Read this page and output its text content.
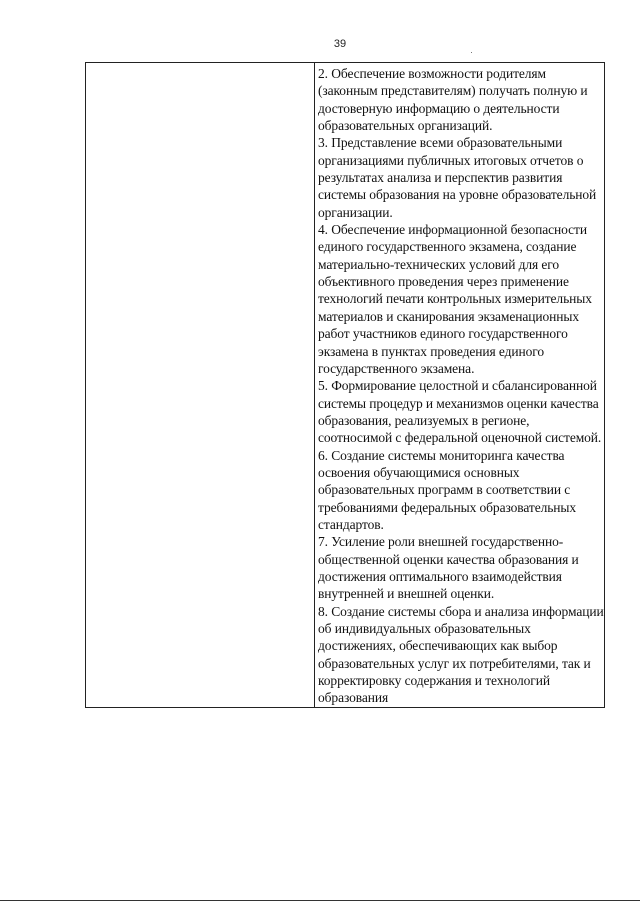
39

2. Обеспечение возможности родителям (законным представителям) получать полную и достоверную информацию о деятельности образовательных организаций.
3. Представление всеми образовательными организациями публичных итоговых отчетов о результатах анализа и перспектив развития системы образования на уровне образовательной организации.
4. Обеспечение информационной безопасности единого государственного экзамена, создание материально-технических условий для его объективного проведения через применение технологий печати контрольных измерительных материалов и сканирования экзаменационных работ участников единого государственного экзамена в пунктах проведения единого государственного экзамена.
5. Формирование целостной и сбалансированной системы процедур и механизмов оценки качества образования, реализуемых в регионе, соотносимой с федеральной оценочной системой.
6. Создание системы мониторинга качества освоения обучающимися основных образовательных программ в соответствии с требованиями федеральных образовательных стандартов.
7. Усиление роли внешней государственно-общественной оценки качества образования и достижения оптимального взаимодействия внутренней и внешней оценки.
8. Создание системы сбора и анализа информации об индивидуальных образовательных достижениях, обеспечивающих как выбор образовательных услуг их потребителями, так и корректировку содержания и технологий образования
